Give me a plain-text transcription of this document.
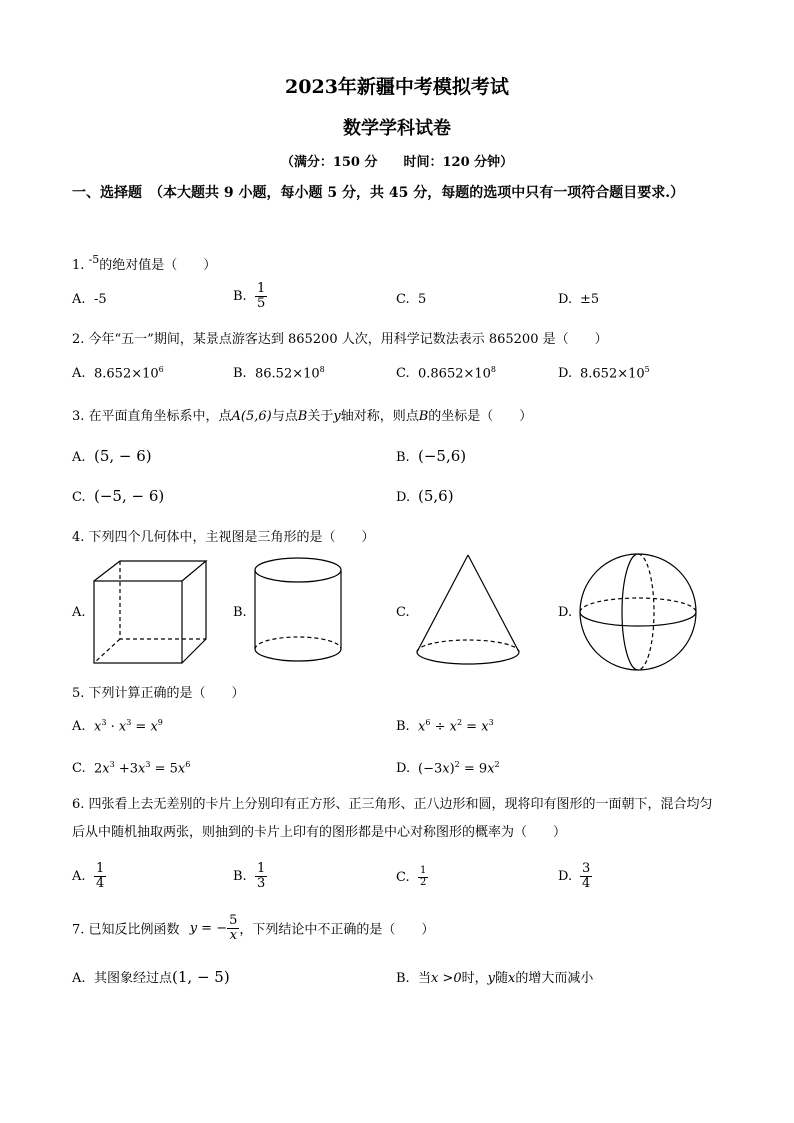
2023年新疆中考模拟考试
数学学科试卷
（满分：150 分　　时间：120 分钟）
一、选择题　（本大题共 9 小题，每小题 5 分，共 45 分，每题的选项中只有一项符合题目要求.）
1. $^{-5}$的绝对值是（　　）
A. -5	B. $\frac{1}{5}$	C. 5	D. ±5
2. 今年“五一”期间，某景点游客达到 865200 人次，用科学记数法表示 865200 是（　　）
A. $8.652\times 10^6$	B. $86.52\times 10^8$	C. $0.8652\times 10^8$	D. $8.652\times 10^5$
3. 在平面直角坐标系中，点A(5,6)与点B关于y轴对称，则点B的坐标是（　　）
A. (5, − 6)	B. (−5,6)
C. (−5, − 6)	D. (5,6)
4. 下列四个几何体中，主视图是三角形的是（　　）
A.	B.	C.	D.
5. 下列计算正确的是（　　）
A. $x^3 \cdot x^3 = x^9$	B. $x^6 \div x^2 = x^3$
C. $2x^3 +3x^3 = 5x^6$	D. $(-3x)^2 = 9x^2$
6. 四张看上去无差别的卡片上分别印有正方形、正三角形、正八边形和圆，现将印有图形的一面朝下，混合均匀后从中随机抽取两张，则抽到的卡片上印有的图形都是中心对称图形的概率为（　　）
A. $\frac{1}{4}$	B. $\frac{1}{3}$	C. $\frac{1}{2}$	D. $\frac{3}{4}$
7. 已知反比例函数 y = − $\frac{5}{x}$ ，下列结论中不正确的是（　　）
A. 其图象经过点(1, − 5)	B. 当x >0时，y随x的增大而减小
